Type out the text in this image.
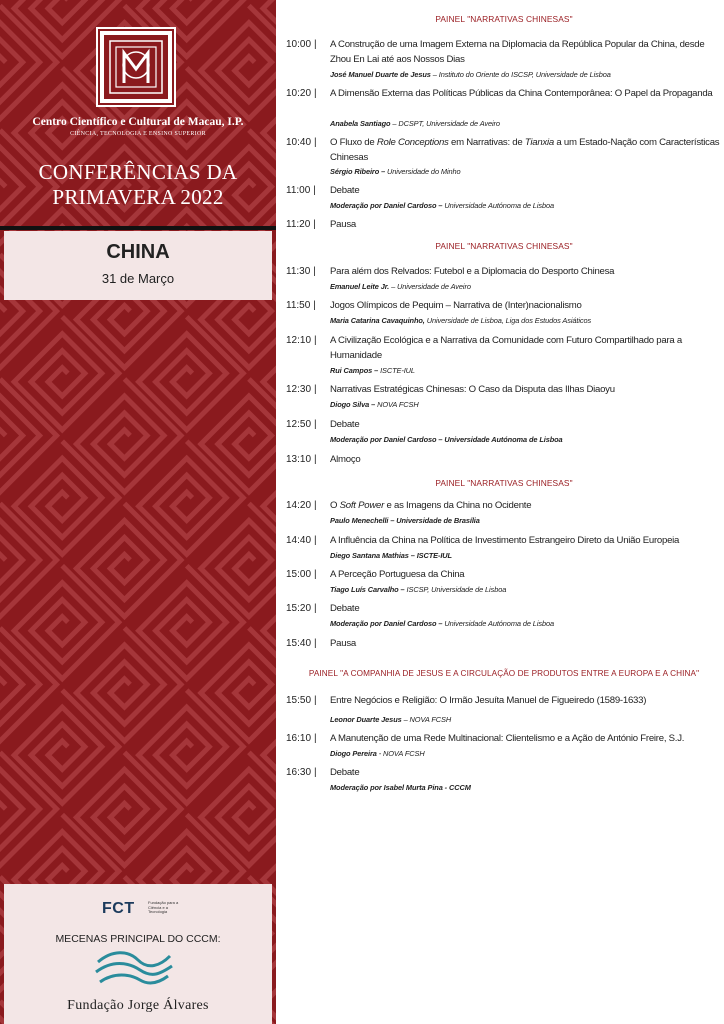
Centro Científico e Cultural de Macau, I.P.
CIÊNCIA, TECNOLOGIA E ENSINO SUPERIOR
CONFERÊNCIAS DA
PRIMAVERA 2022
CHINA
31 de Março
FCT	Fundação para a Ciência e a Tecnologia
MECENAS PRINCIPAL DO CCCM:
Fundação Jorge Álvares
PAINEL "NARRATIVAS CHINESAS"
10:00 |	A Construção de uma Imagem Externa na Diplomacia da República Popular da China, desde Zhou En Lai até aos Nossos Dias
José Manuel Duarte de Jesus – Instituto do Oriente do ISCSP, Universidade de Lisboa
10:20 |	A Dimensão Externa das Políticas Públicas da China Contemporânea: O Papel da Propaganda
Anabela Santiago – DCSPT, Universidade de Aveiro
10:40 |	O Fluxo de Role Conceptions em Narrativas: de Tianxia a um Estado-Nação com Características Chinesas
Sérgio Ribeiro – Universidade do Minho
11:00 |	Debate
Moderação por Daniel Cardoso – Universidade Autónoma de Lisboa
11:20 |	Pausa
PAINEL "NARRATIVAS CHINESAS"
11:30 |	Para além dos Relvados: Futebol e a Diplomacia do Desporto Chinesa
Emanuel Leite Jr. – Universidade de Aveiro
11:50 |	Jogos Olímpicos de Pequim – Narrativa de (Inter)nacionalismo
Maria Catarina Cavaquinho, Universidade de Lisboa, Liga dos Estudos Asiáticos
12:10 |	A Civilização Ecológica e a Narrativa da Comunidade com Futuro Compartilhado para a Humanidade
Rui Campos – ISCTE-IUL
12:30 |	Narrativas Estratégicas Chinesas: O Caso da Disputa das Ilhas Diaoyu
Diogo Silva – NOVA FCSH
12:50 |	Debate
Moderação por Daniel Cardoso – Universidade Autónoma de Lisboa
13:10 |	Almoço
PAINEL "NARRATIVAS CHINESAS"
14:20 |	O Soft Power e as Imagens da China no Ocidente
Paulo Menechelli – Universidade de Brasília
14:40 |	A Influência da China na Política de Investimento Estrangeiro Direto da União Europeia
Diego Santana Mathias – ISCTE-IUL
15:00 |	A Perceção Portuguesa da China
Tiago Luís Carvalho – ISCSP, Universidade de Lisboa
15:20 |	Debate
Moderação por Daniel Cardoso – Universidade Autónoma de Lisboa
15:40 |	Pausa
PAINEL "A COMPANHIA DE JESUS E A CIRCULAÇÃO DE PRODUTOS ENTRE A EUROPA E A CHINA"
15:50 |	Entre Negócios e Religião: O Irmão Jesuíta Manuel de Figueiredo (1589-1633)
Leonor Duarte Jesus – NOVA FCSH
16:10 |	A Manutenção de uma Rede Multinacional: Clientelismo e a Ação de António Freire, S.J.
Diogo Pereira - NOVA FCSH
16:30 |	Debate
Moderação por Isabel Murta Pina - CCCM
